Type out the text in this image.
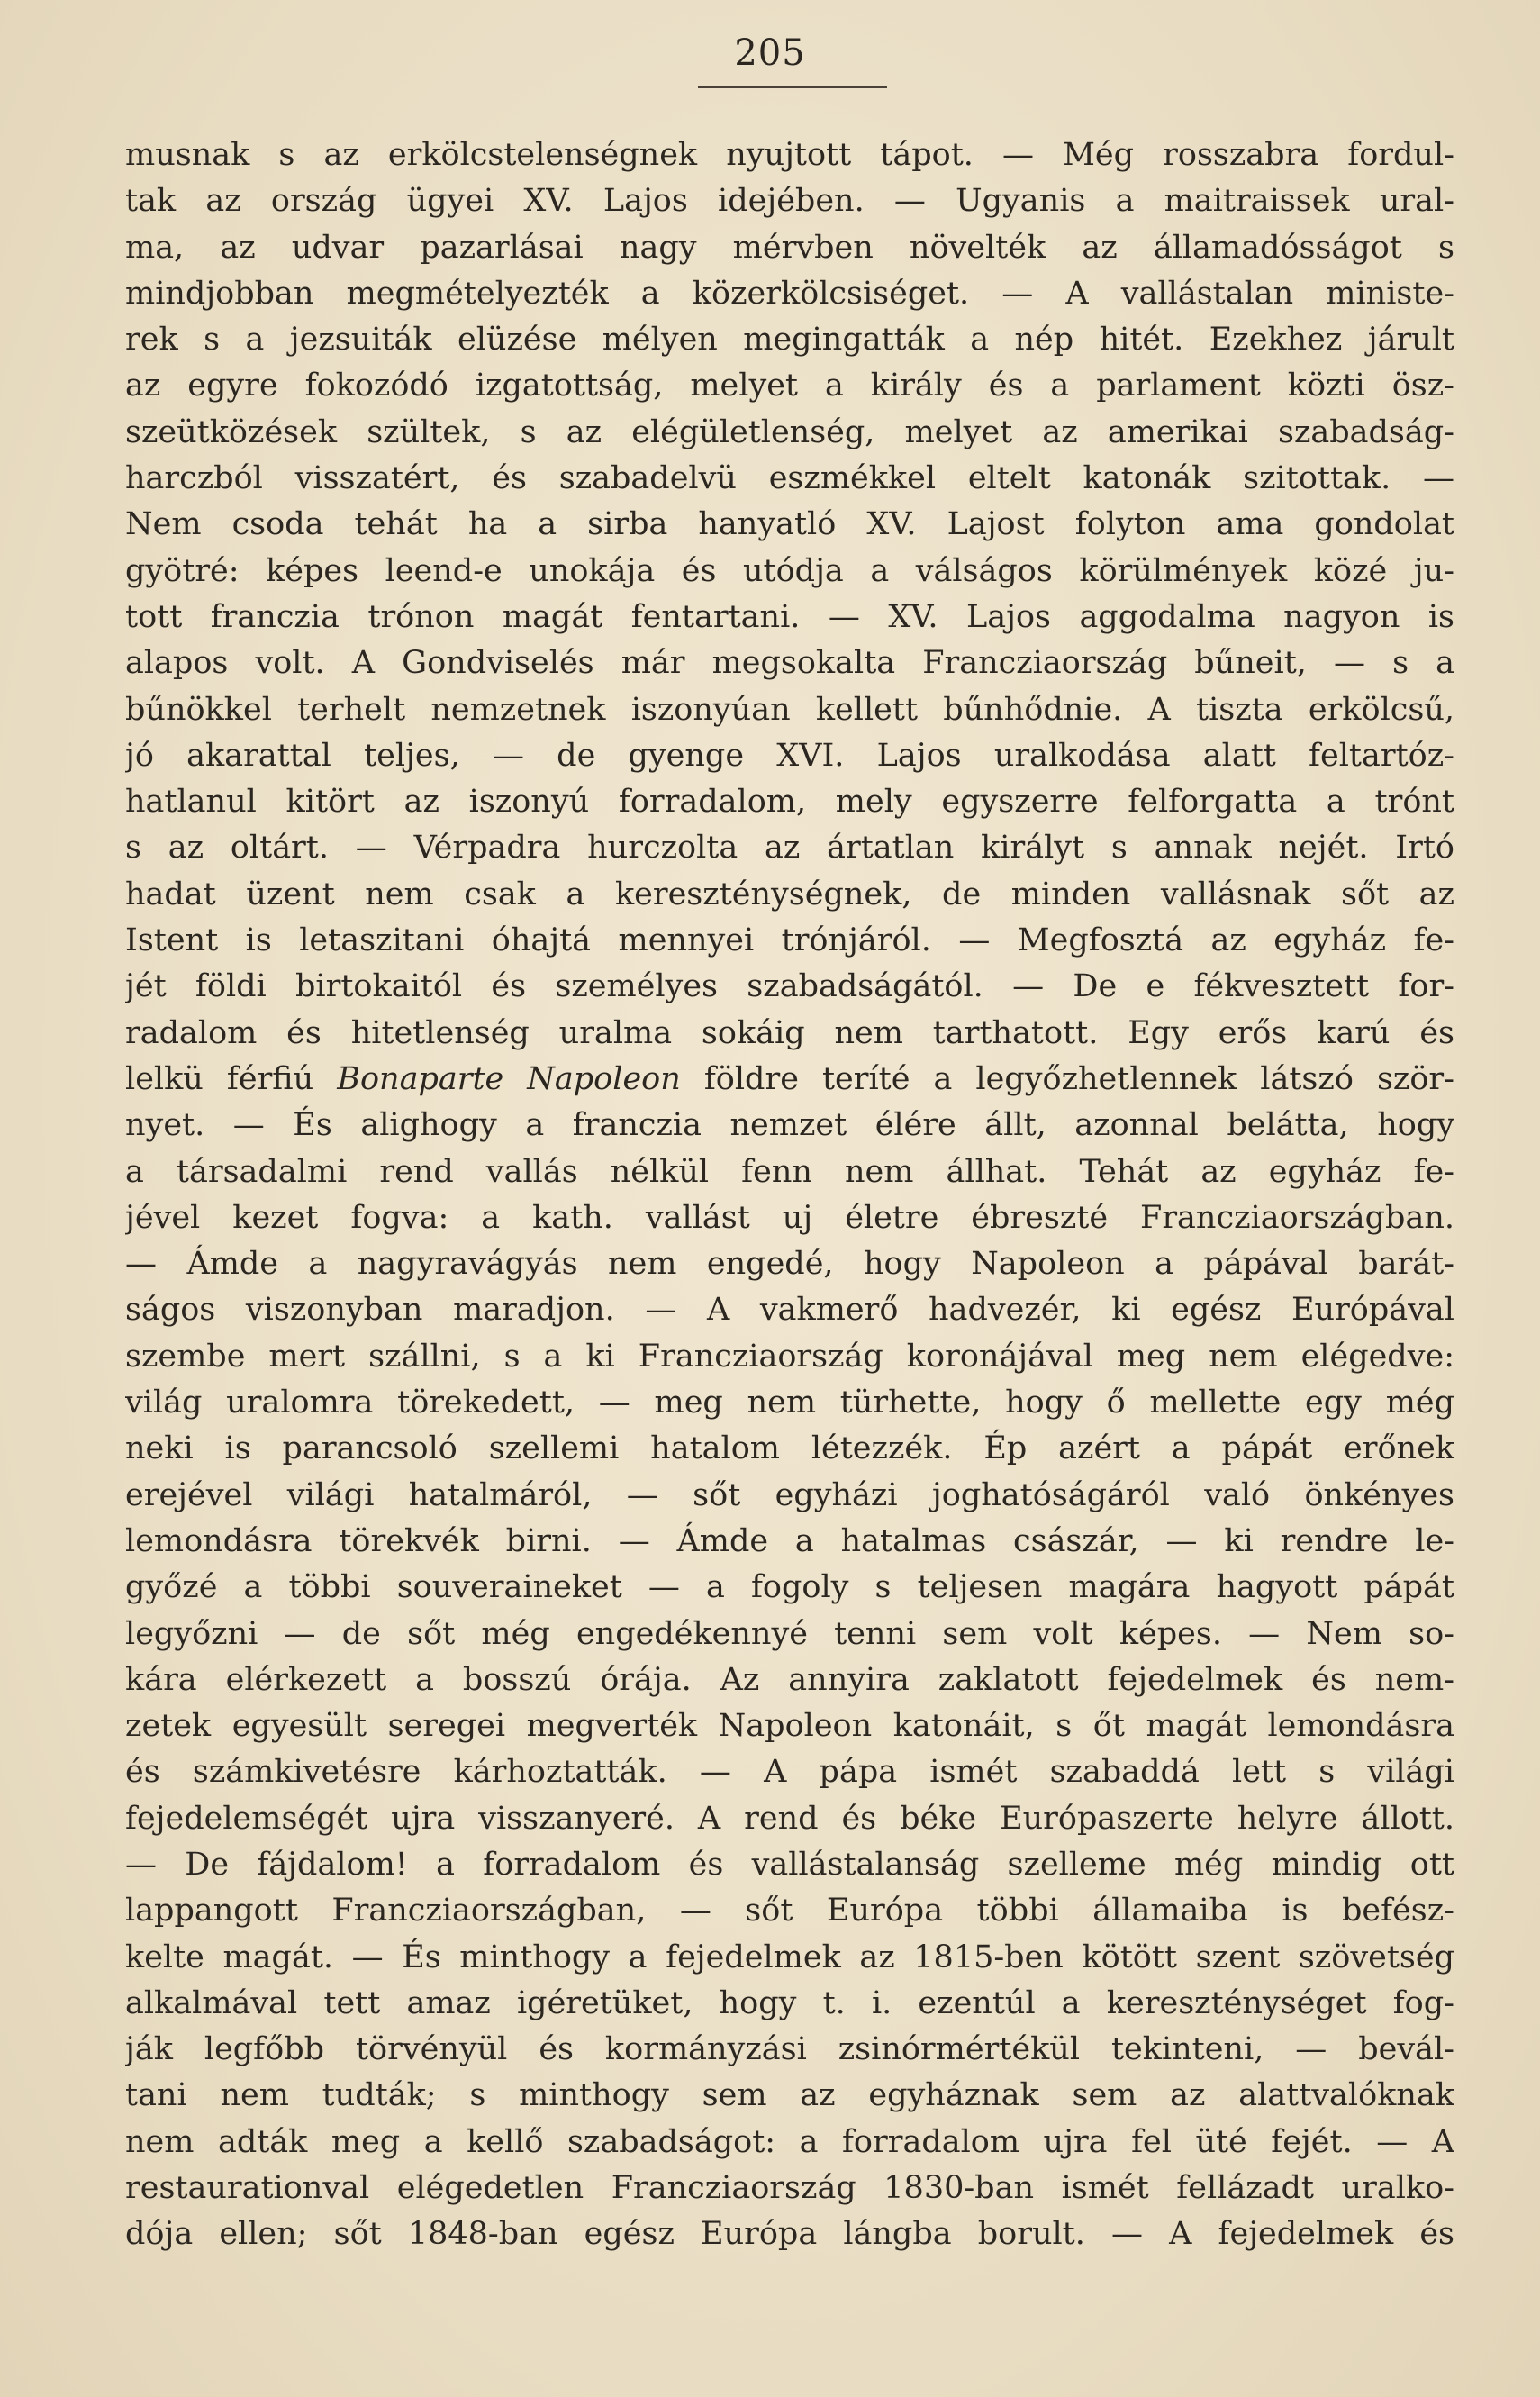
205
musnak s az erkölcstelenségnek nyujtott tápot. — Még rosszabra fordul-
tak az ország ügyei XV. Lajos idejében. — Ugyanis a maitraissek ural-
ma, az udvar pazarlásai nagy mérvben növelték az államadósságot s
mindjobban megmételyezték a közerkölcsiséget. — A vallástalan ministe-
rek s a jezsuiták elüzése mélyen megingatták a nép hitét. Ezekhez járult
az egyre fokozódó izgatottság, melyet a király és a parlament közti ösz-
szeütközések szültek, s az elégületlenség, melyet az amerikai szabadság-
harczból visszatért, és szabadelvü eszmékkel eltelt katonák szitottak. —
Nem csoda tehát ha a sirba hanyatló XV. Lajost folyton ama gondolat
gyötré: képes leend-e unokája és utódja a válságos körülmények közé ju-
tott franczia trónon magát fentartani. — XV. Lajos aggodalma nagyon is
alapos volt. A Gondviselés már megsokalta Francziaország bűneit, — s a
bűnökkel terhelt nemzetnek iszonyúan kellett bűnhődnie. A tiszta erkölcsű,
jó akarattal teljes, — de gyenge XVI. Lajos uralkodása alatt feltartóz-
hatlanul kitört az iszonyú forradalom, mely egyszerre felforgatta a trónt
s az oltárt. — Vérpadra hurczolta az ártatlan királyt s annak nejét. Irtó
hadat üzent nem csak a kereszténységnek, de minden vallásnak sőt az
Istent is letaszitani óhajtá mennyei trónjáról. — Megfosztá az egyház fe-
jét földi birtokaitól és személyes szabadságától. — De e fékvesztett for-
radalom és hitetlenség uralma sokáig nem tarthatott. Egy erős karú és
lelkü férfiú Bonaparte Napoleon földre teríté a legyőzhetlennek látszó ször-
nyet. — És alighogy a franczia nemzet élére állt, azonnal belátta, hogy
a társadalmi rend vallás nélkül fenn nem állhat. Tehát az egyház fe-
jével kezet fogva: a kath. vallást uj életre ébreszté Francziaországban.
— Ámde a nagyravágyás nem engedé, hogy Napoleon a pápával barát-
ságos viszonyban maradjon. — A vakmerő hadvezér, ki egész Európával
szembe mert szállni, s a ki Francziaország koronájával meg nem elégedve:
világ uralomra törekedett, — meg nem türhette, hogy ő mellette egy még
neki is parancsoló szellemi hatalom létezzék. Ép azért a pápát erőnek
erejével világi hatalmáról, — sőt egyházi joghatóságáról való önkényes
lemondásra törekvék birni. — Ámde a hatalmas császár, — ki rendre le-
győzé a többi souveraineket — a fogoly s teljesen magára hagyott pápát
legyőzni — de sőt még engedékennyé tenni sem volt képes. — Nem so-
kára elérkezett a bosszú órája. Az annyira zaklatott fejedelmek és nem-
zetek egyesült seregei megverték Napoleon katonáit, s őt magát lemondásra
és számkivetésre kárhoztatták. — A pápa ismét szabaddá lett s világi
fejedelemségét ujra visszanyeré. A rend és béke Európaszerte helyre állott.
— De fájdalom! a forradalom és vallástalanság szelleme még mindig ott
lappangott Francziaországban, — sőt Európa többi államaiba is befész-
kelte magát. — És minthogy a fejedelmek az 1815-ben kötött szent szövetség
alkalmával tett amaz igéretüket, hogy t. i. ezentúl a kereszténységet fog-
ják legfőbb törvényül és kormányzási zsinórmértékül tekinteni, — bevál-
tani nem tudták; s minthogy sem az egyháznak sem az alattvalóknak
nem adták meg a kellő szabadságot: a forradalom ujra fel üté fejét. — A
restaurationval elégedetlen Francziaország 1830-ban ismét fellázadt uralko-
dója ellen; sőt 1848-ban egész Európa lángba borult. — A fejedelmek és
